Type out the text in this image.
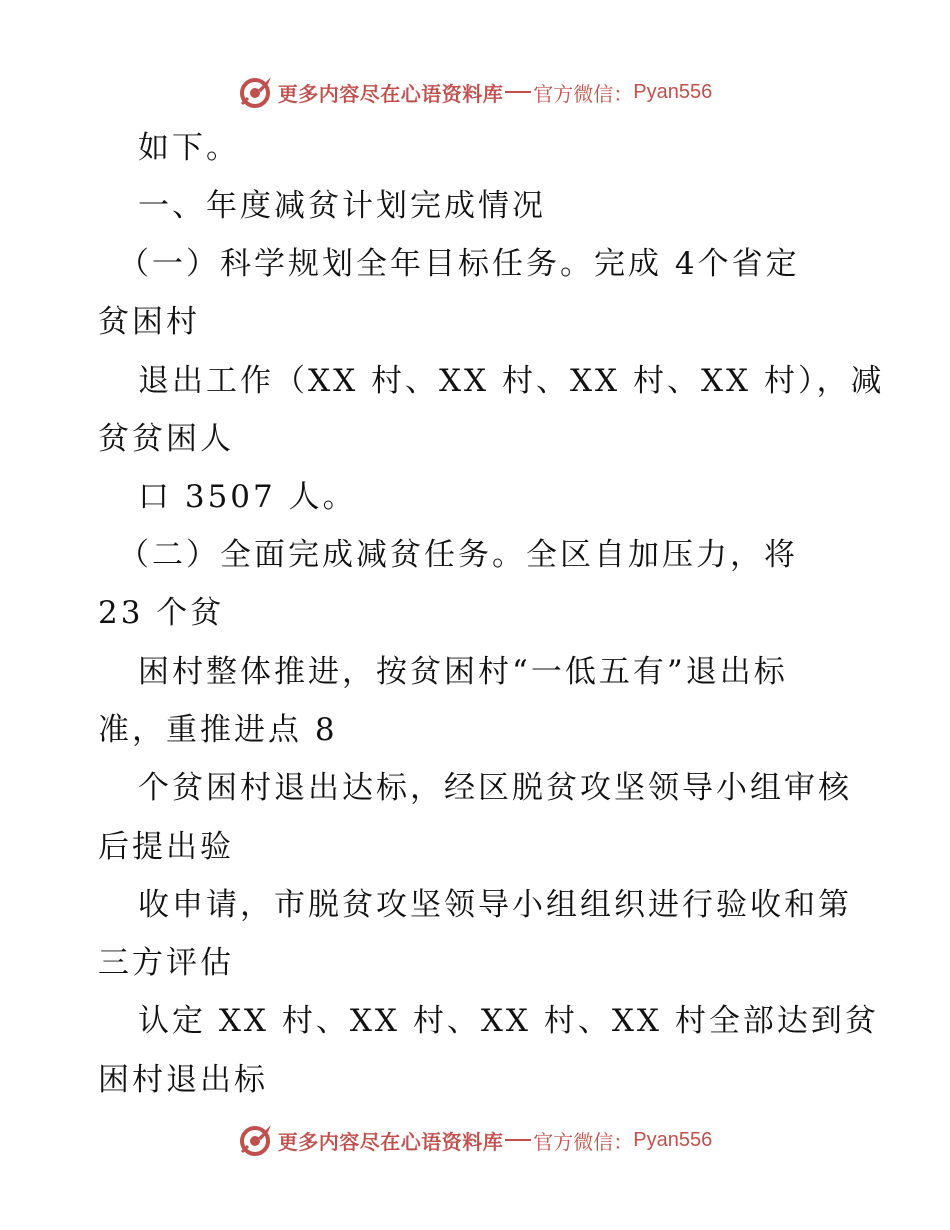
更多内容尽在心语资料库 官方微信： Pyan556
如下。
一、年度减贫计划完成情况
（一）科学规划全年目标任务。完成 4个省定
贫困村
退出工作（XX 村、XX 村、XX 村、XX 村），减
贫贫困人
口 3507 人。
（二）全面完成减贫任务。全区自加压力，将
23 个贫
困村整体推进，按贫困村“一低五有”退出标
准，重推进点 8
个贫困村退出达标，经区脱贫攻坚领导小组审核
后提出验
收申请，市脱贫攻坚领导小组组织进行验收和第
三方评估
认定 XX 村、XX 村、XX 村、XX 村全部达到贫
困村退出标
更多内容尽在心语资料库 官方微信： Pyan556
